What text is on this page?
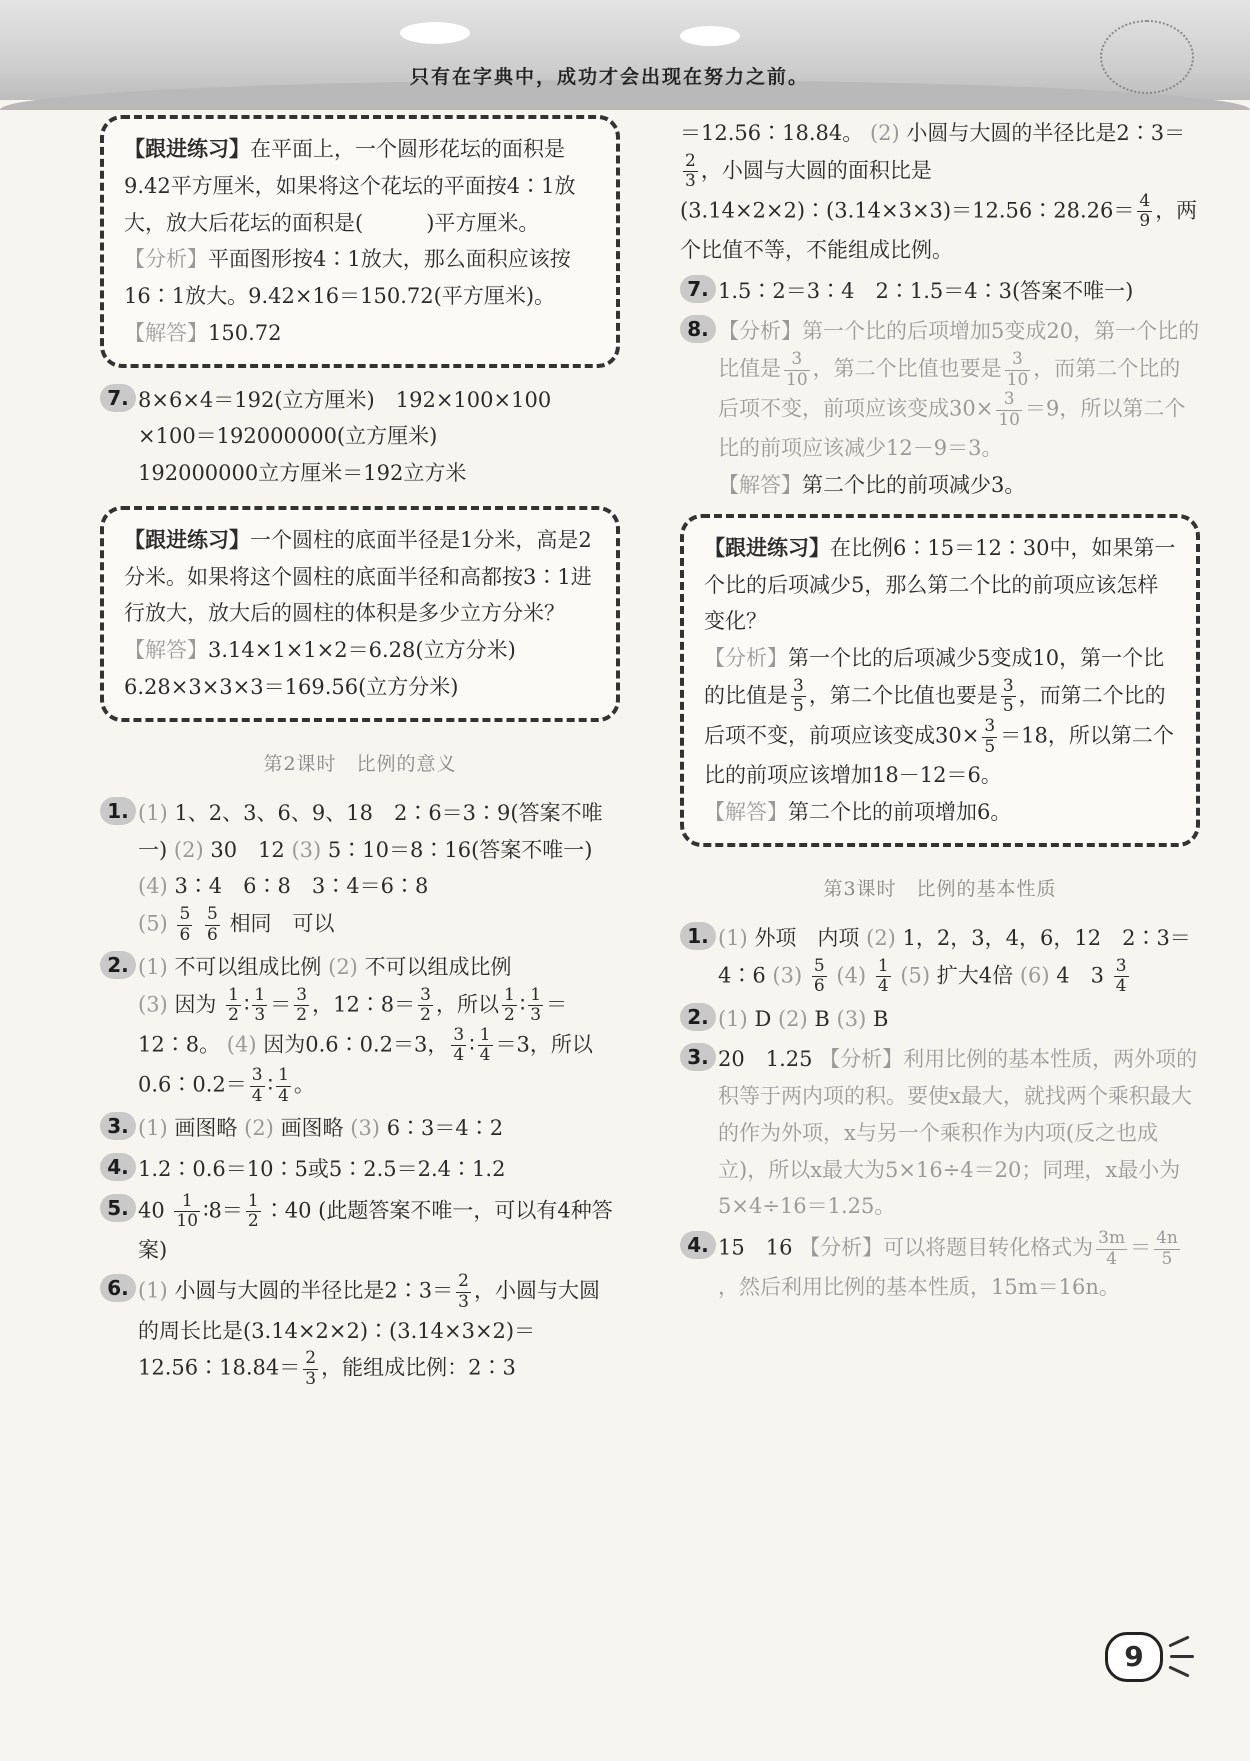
只有在字典中，成功才会出现在努力之前。
【跟进练习】在平面上，一个圆形花坛的面积是9.42平方厘米，如果将这个花坛的平面按4∶1放大，放大后花坛的面积是(　　　)平方厘米。
【分析】平面图形按4∶1放大，那么面积应该按16∶1放大。9.42×16＝150.72(平方厘米)。
【解答】150.72
7. 8×6×4＝192(立方厘米)　192×100×100
×100＝192000000(立方厘米)
192000000立方厘米＝192立方米
【跟进练习】一个圆柱的底面半径是1分米，高是2分米。如果将这个圆柱的底面半径和高都按3∶1进行放大，放大后的圆柱的体积是多少立方分米？
【解答】3.14×1×1×2＝6.28(立方分米)
6.28×3×3×3＝169.56(立方分米)
第2课时　比例的意义
1. (1) 1、2、3、6、9、18　2∶6＝3∶9(答案不唯一) (2) 30　12 (3) 5∶10＝8∶16(答案不唯一) (4) 3∶4　6∶8　3∶4＝6∶8
$(5) \frac{5}{6}$
$\frac{5}{6}$ 相同　可以
2. (1) 不可以组成比例 (2) 不可以组成比例
(3) 因为 $\frac{1}{2}$ ∶ $\frac{1}{3} = \frac{3}{2}$ ，12∶8＝ $\frac{3}{2}$ ，所以 $\frac{1}{2}$ ∶ $\frac{1}{3}$ ＝12∶8。 (4) 因为0.6∶0.2＝3， $\frac{3}{4}$ ∶ $\frac{1}{4} =3$，所以0.6∶0.2＝ $\frac{3}{4}$ ∶ $\frac{1}{4}$ 。
3. (1) 画图略 (2) 画图略 (3) 6∶3＝4∶2
4. 1.2∶0.6＝10∶5或5∶2.5＝2.4∶1.2
5. $40 \frac{1}{10}$ ∶8＝ $\frac{1}{2}$ ∶40 (此题答案不唯一，可以有4种答案)
6. (1) 小圆与大圆的半径比是2∶3＝ $\frac{2}{3}$ ，小圆与大圆的周长比是(3.14×2×2)∶(3.14×3×2)＝12.56∶18.84＝ $\frac{2}{3}$ ，能组成比例：2∶3
＝12.56∶18.84。 (2) 小圆与大圆的半径比是2∶3＝
$\frac{2}{3}$ ，小圆与大圆的面积比是(3.14×2×2)∶(3.14×3×3)＝12.56∶28.26＝ $\frac{4}{9}$ ，两个比值不等，不能组成比例。
7. 1.5∶2＝3∶4　2∶1.5＝4∶3(答案不唯一)
8. 【分析】第一个比的后项增加5变成20，第一个比的比值是 $\frac{3}{10}$ ，第二个比值也要是 $\frac{3}{10}$ ，而第二个比的后项不变，前项应该变成$30\times \frac{3}{10} =9$，所以第二个比的前项应该减少12－9＝3。
【解答】第二个比的前项减少3。
【跟进练习】在比例6∶15＝12∶30中，如果第一个比的后项减少5，那么第二个比的前项应该怎样变化？
【分析】第一个比的后项减少5变成10，第一个比的比值是 $\frac{3}{5}$ ，第二个比值也要是 $\frac{3}{5}$ ，而第二个比的后项不变，前项应该变成$30\times \frac{3}{5} =18$，所以第二个比的前项应该增加18－12＝6。
【解答】第二个比的前项增加6。
第3课时　比例的基本性质
1. (1) 外项　内项 (2) 1，2，3，4，6，12　2∶3＝4∶6 $(3) \frac{5}{6} (4) \frac{1}{4} (5)$ 扩大4倍 (6) 4　$3 \frac{3}{4}$
2. (1) D (2) B (3) B
3. 20　1.25 【分析】利用比例的基本性质，两外项的积等于两内项的积。要使x最大，就找两个乘积最大的作为外项，x与另一个乘积作为内项(反之也成立)，所以x最大为5×16÷4＝20；同理，x最小为5×4÷16＝1.25。
4. 15　16 【分析】可以将题目转化格式为 $\frac{3m}{4} = \frac{4n}{5}$
，然后利用比例的基本性质，15m＝16n。
9
